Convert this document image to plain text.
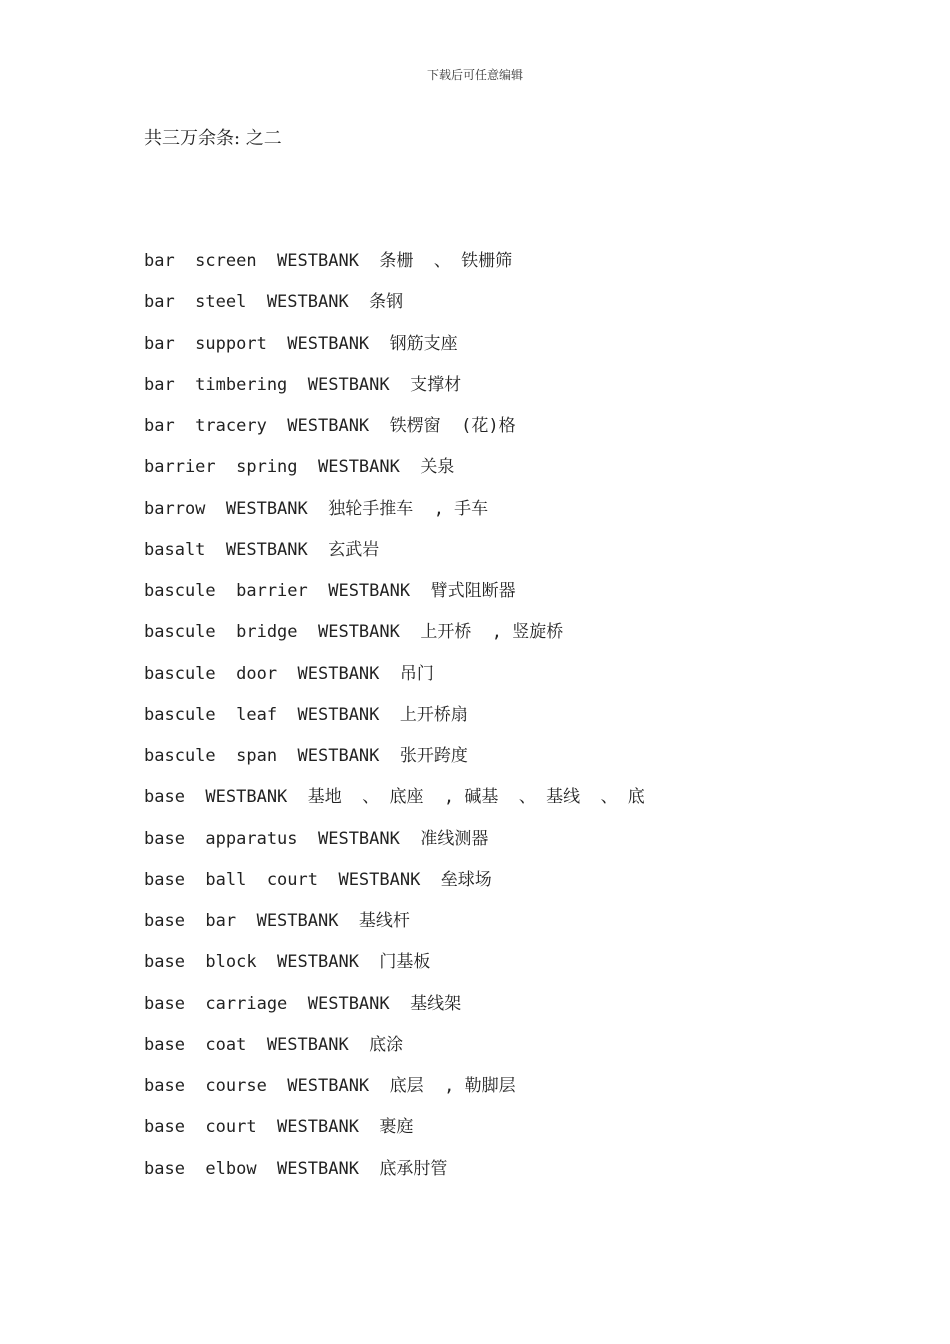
下载后可任意编辑
共三万余条: 之二
bar  screen  WESTBANK  条栅  、 铁栅筛
bar  steel  WESTBANK  条钢
bar  support  WESTBANK  钢筋支座
bar  timbering  WESTBANK  支撑材
bar  tracery  WESTBANK  铁楞窗  (花)格
barrier  spring  WESTBANK  关泉
barrow  WESTBANK  独轮手推车  , 手车
basalt  WESTBANK  玄武岩
bascule  barrier  WESTBANK  臂式阻断器
bascule  bridge  WESTBANK  上开桥  , 竖旋桥
bascule  door  WESTBANK  吊门
bascule  leaf  WESTBANK  上开桥扇
bascule  span  WESTBANK  张开跨度
base  WESTBANK  基地  、 底座  , 碱基  、 基线  、 底
base  apparatus  WESTBANK  准线测器
base  ball  court  WESTBANK  垒球场
base  bar  WESTBANK  基线杆
base  block  WESTBANK  门基板
base  carriage  WESTBANK  基线架
base  coat  WESTBANK  底涂
base  course  WESTBANK  底层  , 勒脚层
base  court  WESTBANK  裹庭
base  elbow  WESTBANK  底承肘管
